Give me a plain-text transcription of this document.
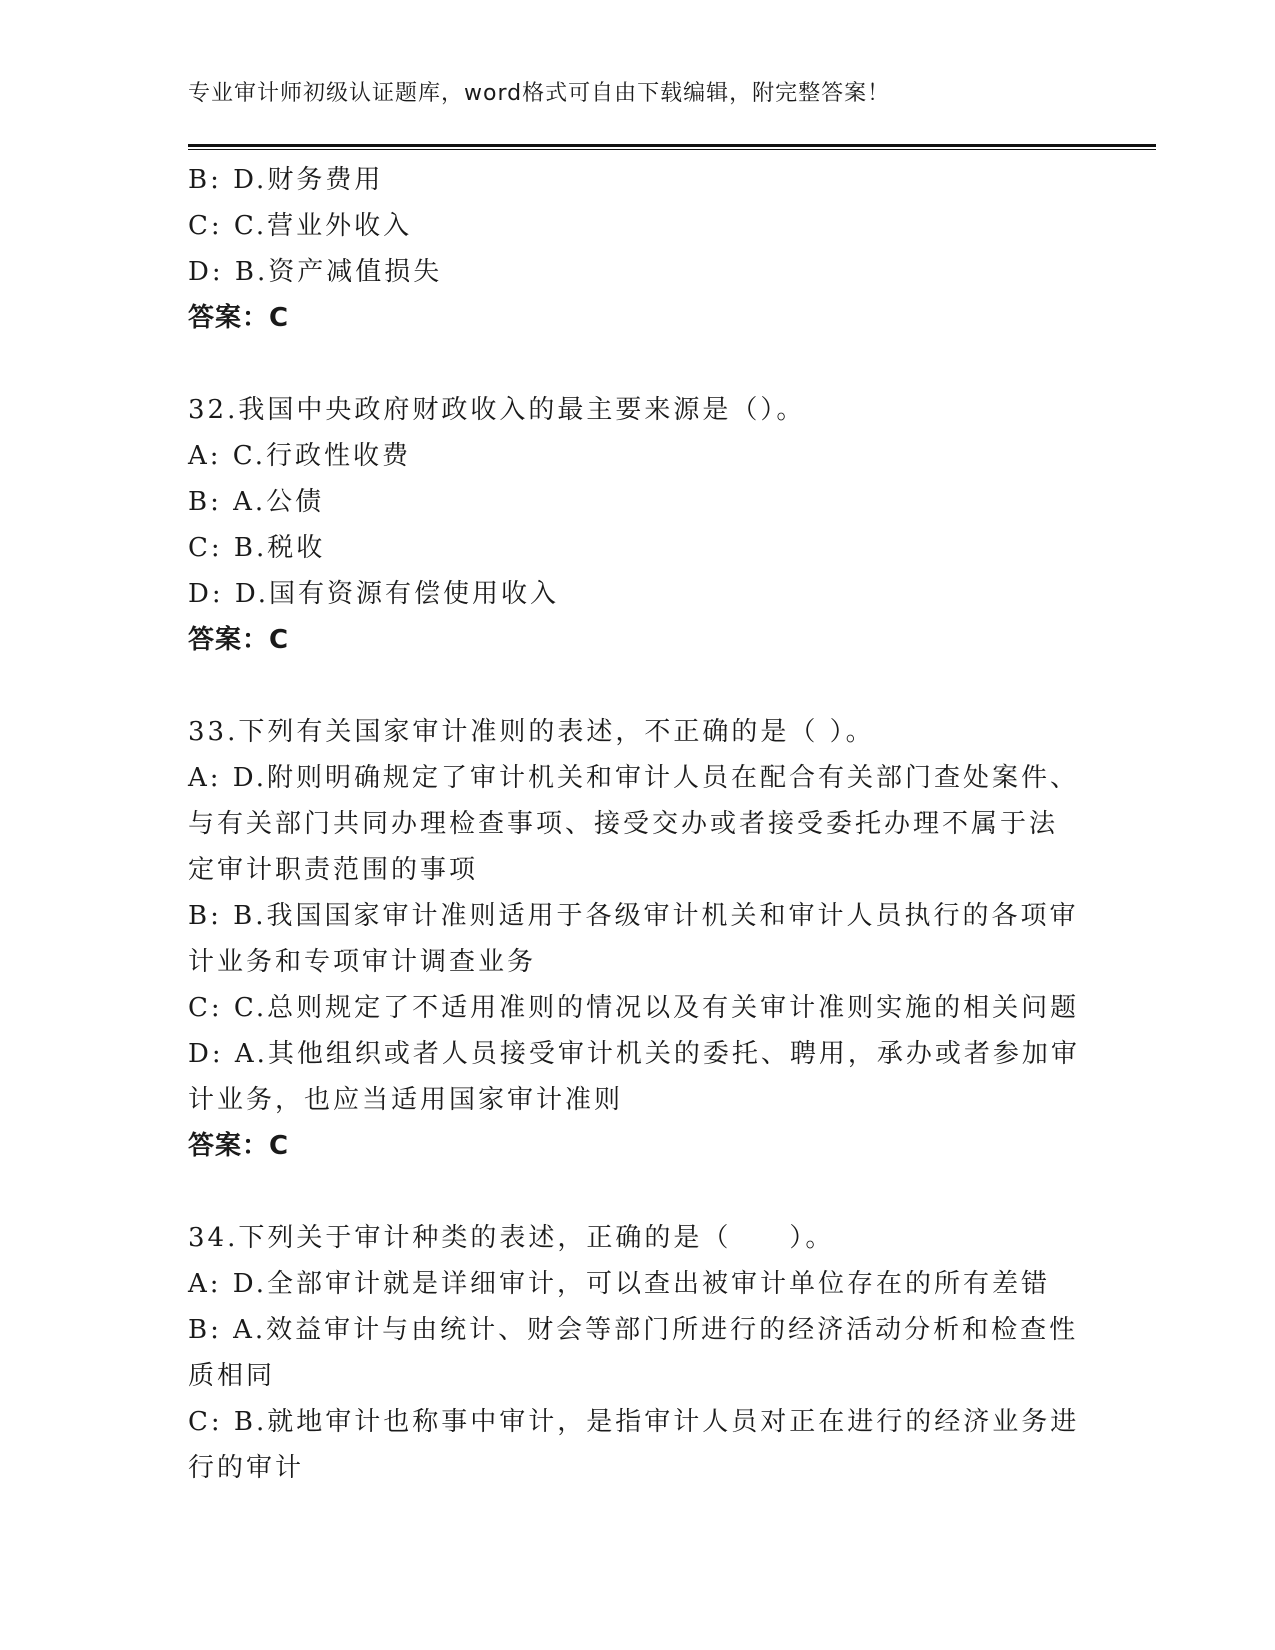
专业审计师初级认证题库，word格式可自由下载编辑，附完整答案！
B: D.财务费用
C: C.营业外收入
D: B.资产减值损失
答案：C
32.我国中央政府财政收入的最主要来源是（）。
A: C.行政性收费
B: A.公债
C: B.税收
D: D.国有资源有偿使用收入
答案：C
33.下列有关国家审计准则的表述，不正确的是（ ）。
A: D.附则明确规定了审计机关和审计人员在配合有关部门查处案件、
与有关部门共同办理检查事项、接受交办或者接受委托办理不属于法
定审计职责范围的事项
B: B.我国国家审计准则适用于各级审计机关和审计人员执行的各项审
计业务和专项审计调查业务
C: C.总则规定了不适用准则的情况以及有关审计准则实施的相关问题
D: A.其他组织或者人员接受审计机关的委托、聘用，承办或者参加审
计业务，也应当适用国家审计准则
答案：C
34.下列关于审计种类的表述，正确的是（　　）。
A: D.全部审计就是详细审计，可以查出被审计单位存在的所有差错
B: A.效益审计与由统计、财会等部门所进行的经济活动分析和检查性
质相同
C: B.就地审计也称事中审计，是指审计人员对正在进行的经济业务进
行的审计
